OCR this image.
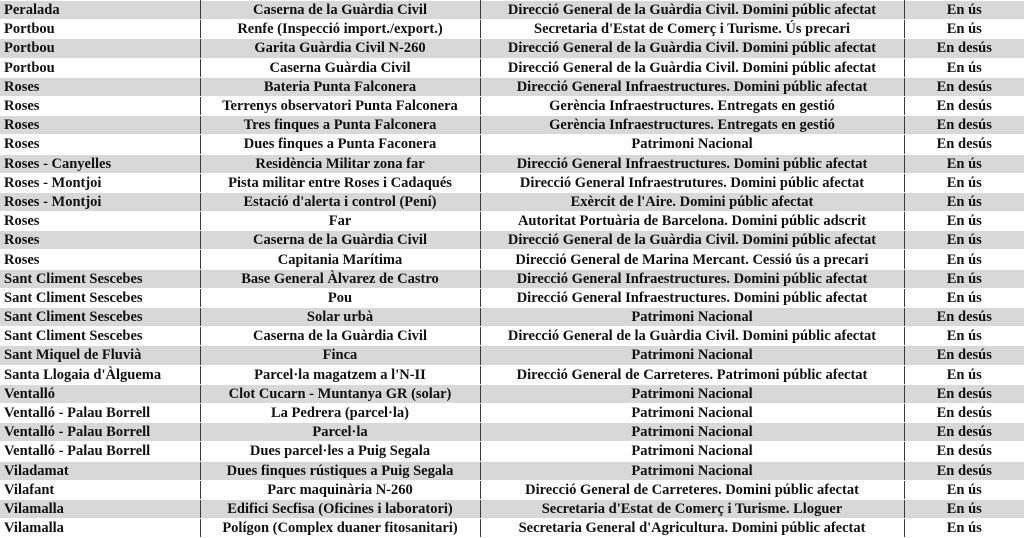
Peralada	Caserna de la Guàrdia Civil	Direcció General de la Guàrdia Civil. Domini públic afectat	En ús
Portbou	Renfe (Inspecció import./export.)	Secretaria d'Estat de Comerç i Turisme. Ús precari	En ús
Portbou	Garita Guàrdia Civil N-260	Direcció General de la Guàrdia Civil. Domini públic afectat	En desús
Portbou	Caserna Guàrdia Civil	Direcció General de la Guàrdia Civil. Domini públic afectat	En ús
Roses	Bateria Punta Falconera	Direcció General Infraestructures. Domini públic afectat	En desús
Roses	Terrenys observatori Punta Falconera	Gerència Infraestructures. Entregats en gestió	En desús
Roses	Tres finques a Punta Falconera	Gerència Infraestructures. Entregats en gestió	En desús
Roses	Dues finques a Punta Faconera	Patrimoni Nacional	En desús
Roses - Canyelles	Residència Militar zona far	Direcció General Infraestructures. Domini públic afectat	En ús
Roses - Montjoi	Pista militar entre Roses i Cadaqués	Direcció General Infraestrutures. Domini públic afectat	En ús
Roses - Montjoi	Estació d'alerta i control (Pení)	Exèrcit de l'Aire. Domini públic afectat	En ús
Roses	Far	Autoritat Portuària de Barcelona. Domini públic adscrit	En ús
Roses	Caserna de la Guàrdia Civil	Direcció General de la Guàrdia Civil. Domini públic afectat	En ús
Roses	Capitania Marítima	Direcció General de Marina Mercant. Cessió ús a precari	En ús
Sant Climent Sescebes	Base General Àlvarez de Castro	Direcció General Infraestructures. Domini públic afectat	En ús
Sant Climent Sescebes	Pou	Direcció General Infraestructures. Domini públic afectat	En ús
Sant Climent Sescebes	Solar urbà	Patrimoni Nacional	En desús
Sant Climent Sescebes	Caserna de la Guàrdia Civil	Direcció General de la Guàrdia Civil. Domini públic afectat	En ús
Sant Miquel de Fluvià	Finca	Patrimoni Nacional	En desús
Santa Llogaia d'Àlguema	Parcel·la magatzem a l'N-II	Direcció General de Carreteres. Patrimoni públic afectat	En ús
Ventalló	Clot Cucarn - Muntanya GR (solar)	Patrimoni Nacional	En desús
Ventalló - Palau Borrell	La Pedrera (parcel·la)	Patrimoni Nacional	En desús
Ventalló - Palau Borrell	Parcel·la	Patrimoni Nacional	En desús
Ventalló - Palau Borrell	Dues parcel·les a Puig Segala	Patrimoni Nacional	En desús
Viladamat	Dues finques rústiques a Puig Segala	Patrimoni Nacional	En desús
Vilafant	Parc maquinària N-260	Direcció General de Carreteres. Domini públic afectat	En ús
Vilamalla	Edifici Secfisa (Oficines i laboratori)	Secretaria d'Estat de Comerç i Turisme. Lloguer	En ús
Vilamalla	Polígon (Complex duaner fitosanitari)	Secretaria General d'Agricultura. Domini públic afectat	En ús
